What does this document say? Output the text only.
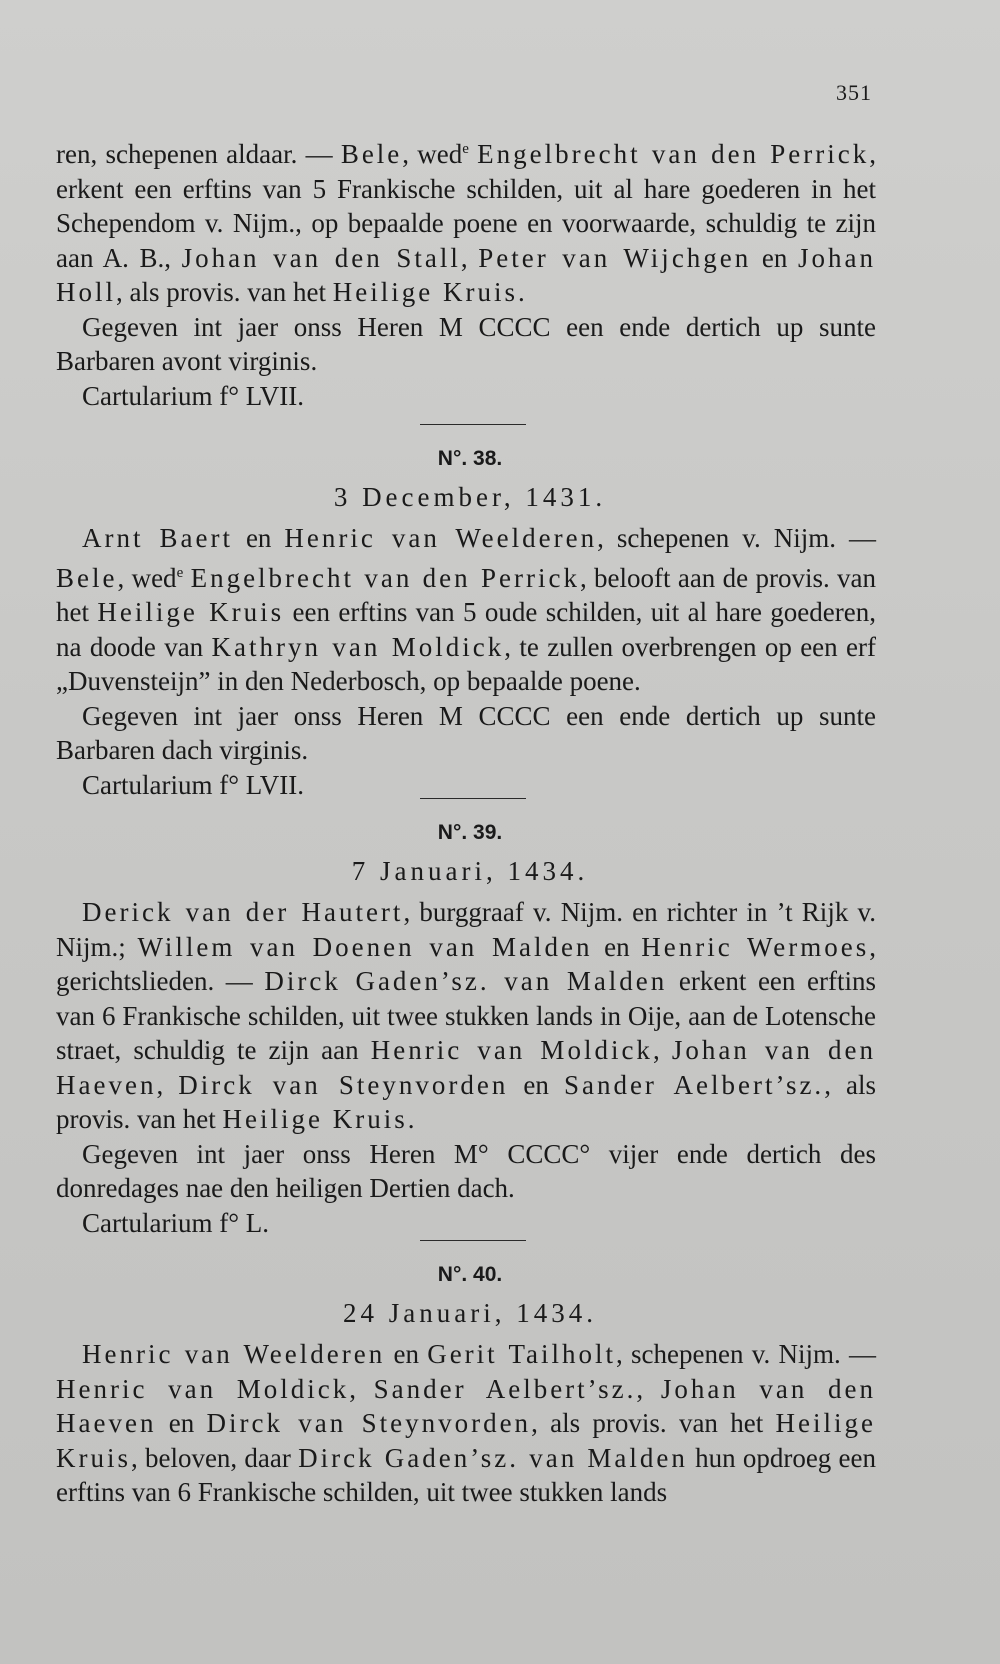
351

ren, schepenen aldaar. — Bele, wed$^e$ Engelbrecht van den Perrick, erkent een erftins van 5 Frankische schilden, uit al hare goederen in het Schependom v. Nijm., op bepaalde poene en voorwaarde, schuldig te zijn aan A. B., Johan van den Stall, Peter van Wijchgen en Johan Holl, als provis. van het Heilige Kruis.

Gegeven int jaer onss Heren M CCCC een ende dertich up sunte Barbaren avont virginis.

Cartularium f° LVII.

N°. 38.
3 December, 1431.

Arnt Baert en Henric van Weelderen, schepenen v. Nijm. — Bele, wed$^e$ Engelbrecht van den Perrick, belooft aan de provis. van het Heilige Kruis een erftins van 5 oude schilden, uit al hare goederen, na doode van Kathryn van Moldick, te zullen overbrengen op een erf „Duvensteijn” in den Nederbosch, op bepaalde poene.

Gegeven int jaer onss Heren M CCCC een ende dertich up sunte Barbaren dach virginis.

Cartularium f° LVII.

N°. 39.
7 Januari, 1434.

Derick van der Hautert, burggraaf v. Nijm. en richter in ’t Rijk v. Nijm.; Willem van Doenen van Malden en Henric Wermoes, gerichtslieden. — Dirck Gaden’sz. van Malden erkent een erftins van 6 Frankische schilden, uit twee stukken lands in Oije, aan de Lotensche straet, schuldig te zijn aan Henric van Moldick, Johan van den Haeven, Dirck van Steynvorden en Sander Aelbert’sz., als provis. van het Heilige Kruis.

Gegeven int jaer onss Heren M° CCCC° vijer ende dertich des donredages nae den heiligen Dertien dach.

Cartularium f° L.

N°. 40.
24 Januari, 1434.

Henric van Weelderen en Gerit Tailholt, schepenen v. Nijm. — Henric van Moldick, Sander Aelbert’sz., Johan van den Haeven en Dirck van Steynvorden, als provis. van het Heilige Kruis, beloven, daar Dirck Gaden’sz. van Malden hun opdroeg een erftins van 6 Frankische schilden, uit twee stukken lands
